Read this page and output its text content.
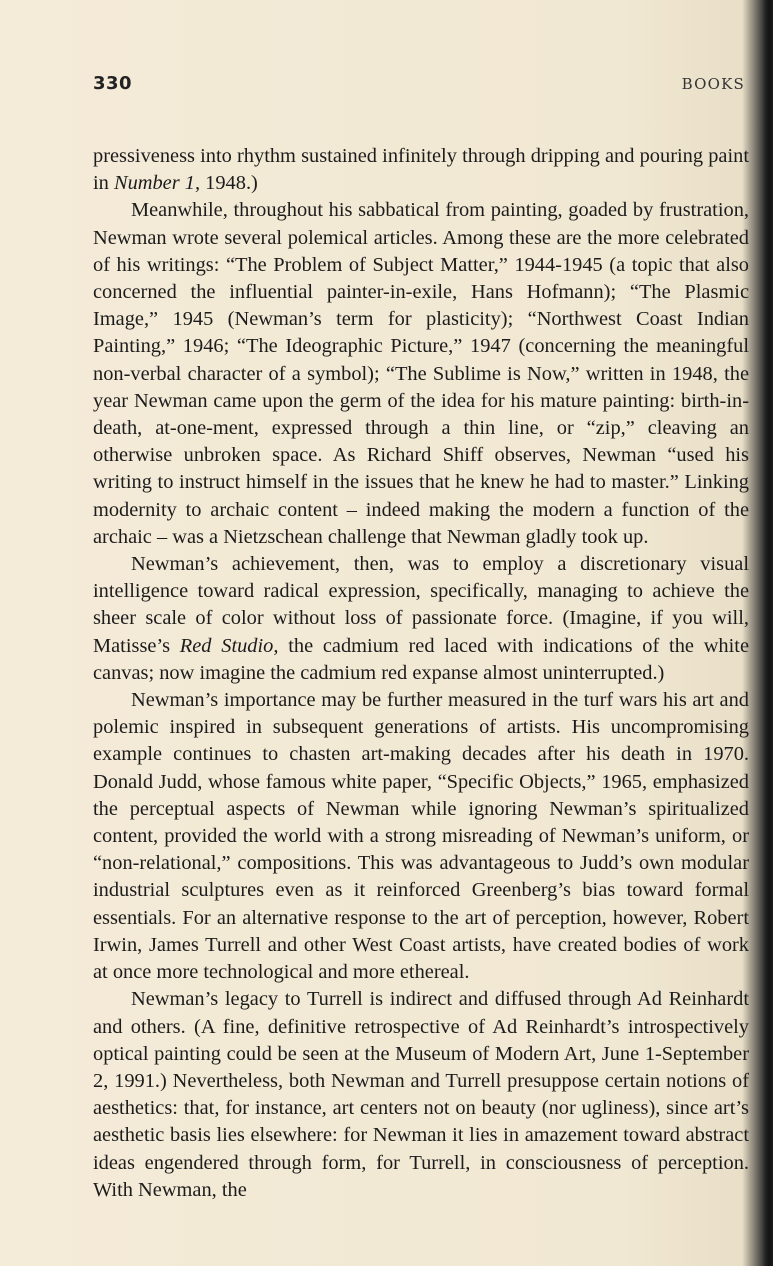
330	BOOKS

pressiveness into rhythm sustained infinitely through dripping and pouring paint in Number 1, 1948.)

Meanwhile, throughout his sabbatical from painting, goaded by frustration, Newman wrote several polemical articles. Among these are the more celebrated of his writings: “The Problem of Subject Matter,” 1944-1945 (a topic that also concerned the influential painter-in-exile, Hans Hofmann); “The Plasmic Image,” 1945 (Newman’s term for plasticity); “Northwest Coast Indian Painting,” 1946; “The Ideographic Picture,” 1947 (concerning the meaningful non-verbal character of a symbol); “The Sublime is Now,” written in 1948, the year Newman came upon the germ of the idea for his mature painting: birth-in-death, at-one-ment, expressed through a thin line, or “zip,” cleaving an otherwise unbroken space. As Richard Shiff observes, Newman “used his writing to instruct himself in the issues that he knew he had to master.” Linking modernity to archaic content – indeed making the modern a function of the archaic – was a Nietzschean challenge that Newman gladly took up.

Newman’s achievement, then, was to employ a discretionary visual intelligence toward radical expression, specifically, managing to achieve the sheer scale of color without loss of passionate force. (Imagine, if you will, Matisse’s Red Studio, the cadmium red laced with indications of the white canvas; now imagine the cadmium red expanse almost uninterrupted.)

Newman’s importance may be further measured in the turf wars his art and polemic inspired in subsequent generations of artists. His uncompromising example continues to chasten art-making decades after his death in 1970. Donald Judd, whose famous white paper, “Specific Objects,” 1965, emphasized the perceptual aspects of Newman while ignoring Newman’s spiritualized content, provided the world with a strong misreading of Newman’s uniform, or “non-relational,” compositions. This was advantageous to Judd’s own modular industrial sculptures even as it reinforced Greenberg’s bias toward formal essentials. For an alternative response to the art of perception, however, Robert Irwin, James Turrell and other West Coast artists, have created bodies of work at once more technological and more ethereal.

Newman’s legacy to Turrell is indirect and diffused through Ad Reinhardt and others. (A fine, definitive retrospective of Ad Reinhardt’s introspectively optical painting could be seen at the Museum of Modern Art, June 1-September 2, 1991.) Nevertheless, both Newman and Turrell presuppose certain notions of aesthetics: that, for instance, art centers not on beauty (nor ugliness), since art’s aesthetic basis lies elsewhere: for Newman it lies in amazement toward abstract ideas engendered through form, for Turrell, in consciousness of perception. With Newman, the
